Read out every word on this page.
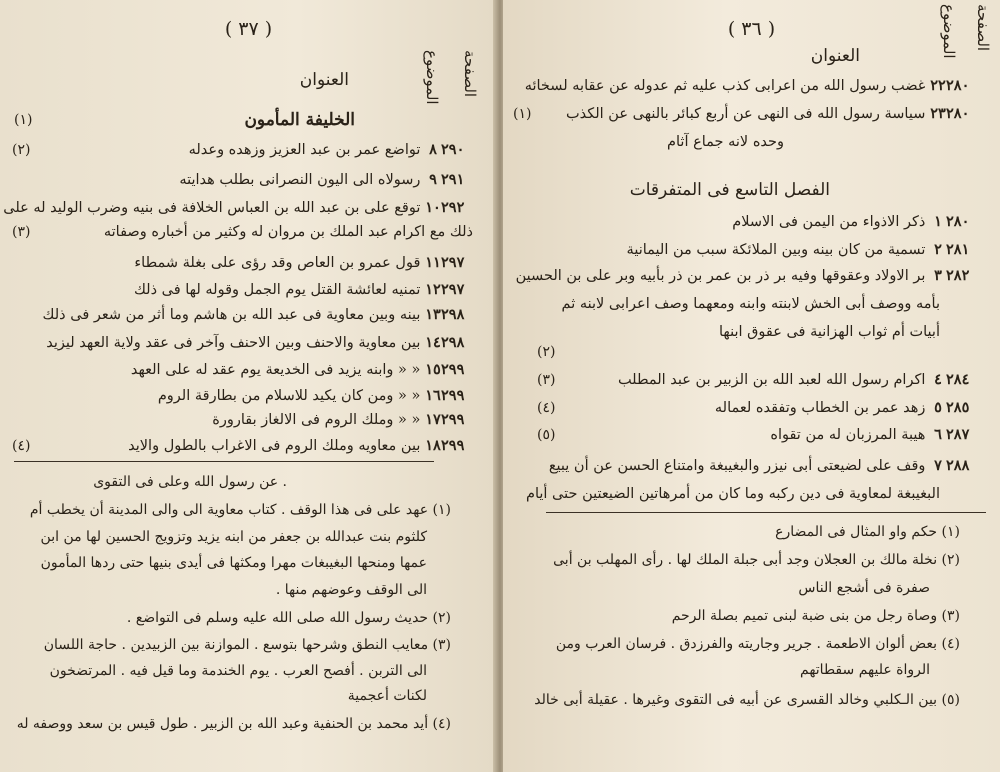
( ٣٧ )
الموضوع الصفحة
العنوان
الخليفة المأمون
(١)
٢٩٠٨ تواضع عمر بن عبد العزيز وزهده وعدله
(٢)
٢٩١٩ رسولاه الى اليون النصرانى بطلب هدايته
٢٩٢١٠ توقع على بن عبد الله بن العباس الخلافة فى بنيه وضرب الوليد له على
ذلك مع اكرام عبد الملك بن مروان له وكثير من أخباره وصفاته
(٣)
٢٩٧١١ قول عمرو بن العاص وقد رؤى على بغلة شمطاء
٢٩٧١٢ تمنيه لعائشة القتل يوم الجمل وقوله لها فى ذلك
٢٩٨١٣ بينه وبين معاوية فى عبد الله بن هاشم وما أثر من شعر فى ذلك
٢٩٨١٤ بين معاوية والاحنف وبين الاحنف وآخر فى عقد ولاية العهد ليزيد
٢٩٩١٥ « « وابنه يزيد فى الخديعة يوم عقد له على العهد
٢٩٩١٦ « « ومن كان يكيد للاسلام من بطارقة الروم
٢٩٩١٧ « « وملك الروم فى الالغاز بقارورة
٢٩٩١٨ بين معاويه وملك الروم فى الاغراب بالطول والايد
(٤)
. عن رسول الله وعلى فى التقوى
(١) عهد على فى هذا الوقف . كتاب معاوية الى والى المدينة أن يخطب أم
كلثوم بنت عبدالله بن جعفر من ابنه يزيد وتزويج الحسين لها من ابن
عمها ومنحها البغيبغات مهرا ومكثها فى أيدى بنيها حتى ردها المأمون
الى الوقف وعوضهم منها .
(٢) حديث رسول الله صلى الله عليه وسلم فى التواضع .
(٣) معايب النطق وشرحها بتوسع . الموازنة بين الزبيدين . حاجة اللسان
الى التربن . أفصح العرب . يوم الخندمة وما قيل فيه . المرتضخون
لكنات أعجمية
(٤) أيد محمد بن الحنفية وعبد الله بن الزبير . طول قيس بن سعد ووصفه له
( ٣٦ )	الموضوع الصفحة
العنوان
٢٨٠٢٢ غضب رسول الله من اعرابى كذب عليه ثم عدوله عن عقابه لسخائه
٢٨٠٢٣ سياسة رسول الله فى النهى عن أربع كبائر بالنهى عن الكذب
(١)
وحده لانه جماع آثام
الفصل التاسع فى المتفرقات
٢٨٠١ ذكر الاذواء من اليمن فى الاسلام
٢٨١٢ تسمية من كان بينه وبين الملائكة سبب من اليمانية
٢٨٢٣ بر الاولاد وعقوقها وفيه بر ذر بن عمر بن ذر بأبيه وبر على بن الحسين
بأمه ووصف أبى الخش لابنته وابنه ومعهما وصف اعرابى لابنه ثم
أبيات أم ثواب الهزانية فى عقوق ابنها
(٢)
٢٨٤٤ اكرام رسول الله لعبد الله بن الزبير بن عبد المطلب
(٣)
٢٨٥٥ زهد عمر بن الخطاب وتفقده لعماله
(٤)
٢٨٧٦ هيبة المرزبان له من تقواه
(٥)
٢٨٨٧ وقف على لضيعتى أبى نيزر والبغيبغة وامتناع الحسن عن أن يبيع
البغيبغة لمعاوية فى دين ركبه وما كان من أمرهاتين الضيعتين حتى أيام
(١) حكم واو المثال فى المضارع
(٢) نخلة مالك بن العجلان وجد أبى جبلة الملك لها . رأى المهلب بن أبى
صفرة فى أشجع الناس
(٣) وصاة رجل من بنى ضبة لبنى تميم بصلة الرحم
(٤) بعض ألوان الاطعمة . جرير وجاريته والفرزدق . فرسان العرب ومن
الرواة عليهم سقطاتهم
(٥) بين الـكلبي وخالد القسرى عن أبيه فى التقوى وغيرها . عقيلة أبى خالد
